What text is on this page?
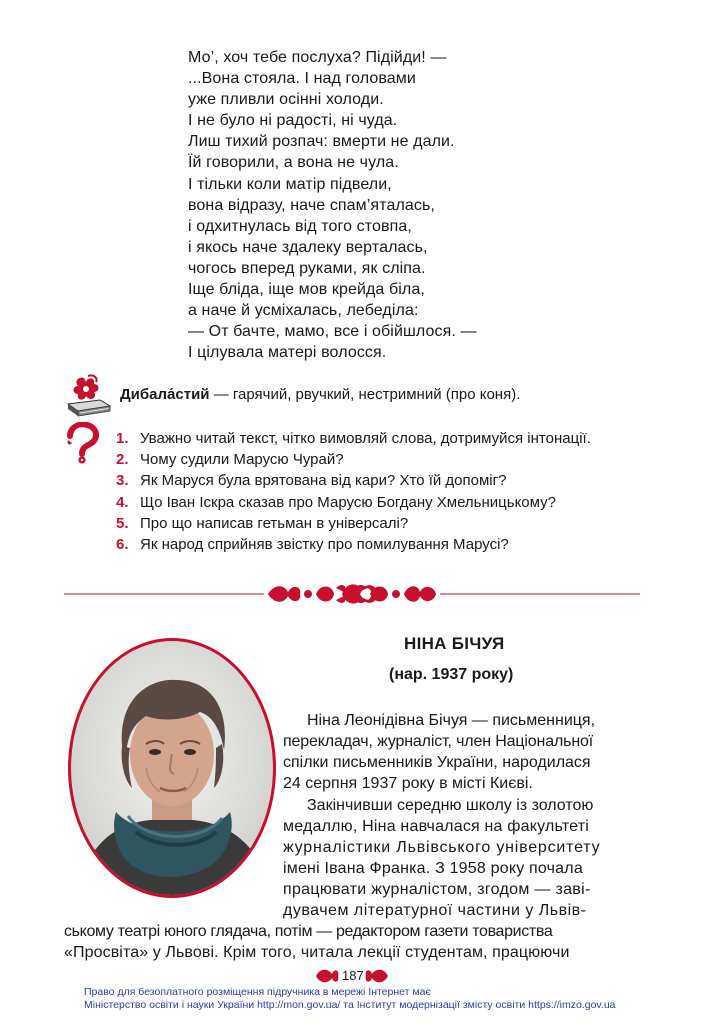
Мо’, хоч тебе послуха? Підійди! —
...Вона стояла. І над головами
уже пливли осінні холоди.
І не було ні радості, ні чуда.
Лиш тихий розпач: вмерти не дали.
Їй говорили, а вона не чула.
І тільки коли матір підвели,
вона відразу, наче спам’яталась,
і одхитнулась від того стовпа,
і якось наче здалеку верталась,
чогось вперед руками, як сліпа.
Іще бліда, іще мов крейда біла,
а наче й усміхалась, лебеділа:
— От бачте, мамо, все і обійшлося. —
І цілувала матері волосся.
Дибала́стий — гарячий, рвучкий, нестримний (про коня).
1. Уважно читай текст, чітко вимовляй слова, дотримуйся інтонації.
2. Чому судили Марусю Чурай?
3. Як Маруся була врятована від кари? Хто їй допоміг?
4. Що Іван Іскра сказав про Марусю Богдану Хмельницькому?
5. Про що написав гетьман в універсалі?
6. Як народ сприйняв звістку про помилування Марусі?
НІНА БІЧУЯ
(нар. 1937 року)
Ніна Леонідівна Бічуя — письменниця,
перекладач, журналіст, член Національної
спілки письменників України, народилася
24 серпня 1937 року в місті Києві.
Закінчивши середню школу із золотою
медаллю, Ніна навчалася на факультеті
журналістики Львівського університету
імені Івана Франка. З 1958 року почала
працювати журналістом, згодом — заві-
дувачем літературної частини у Львів-
ському театрі юного глядача, потім — редактором газети товариства
«Просвіта» у Львові. Крім того, читала лекції студентам, працюючи
187
Право для безоплатного розміщення підручника в мережі Інтернет має
Міністерство освіти і науки України http://mon.gov.ua/ та Інститут модернізації змісту освіти https://imzo.gov.ua
